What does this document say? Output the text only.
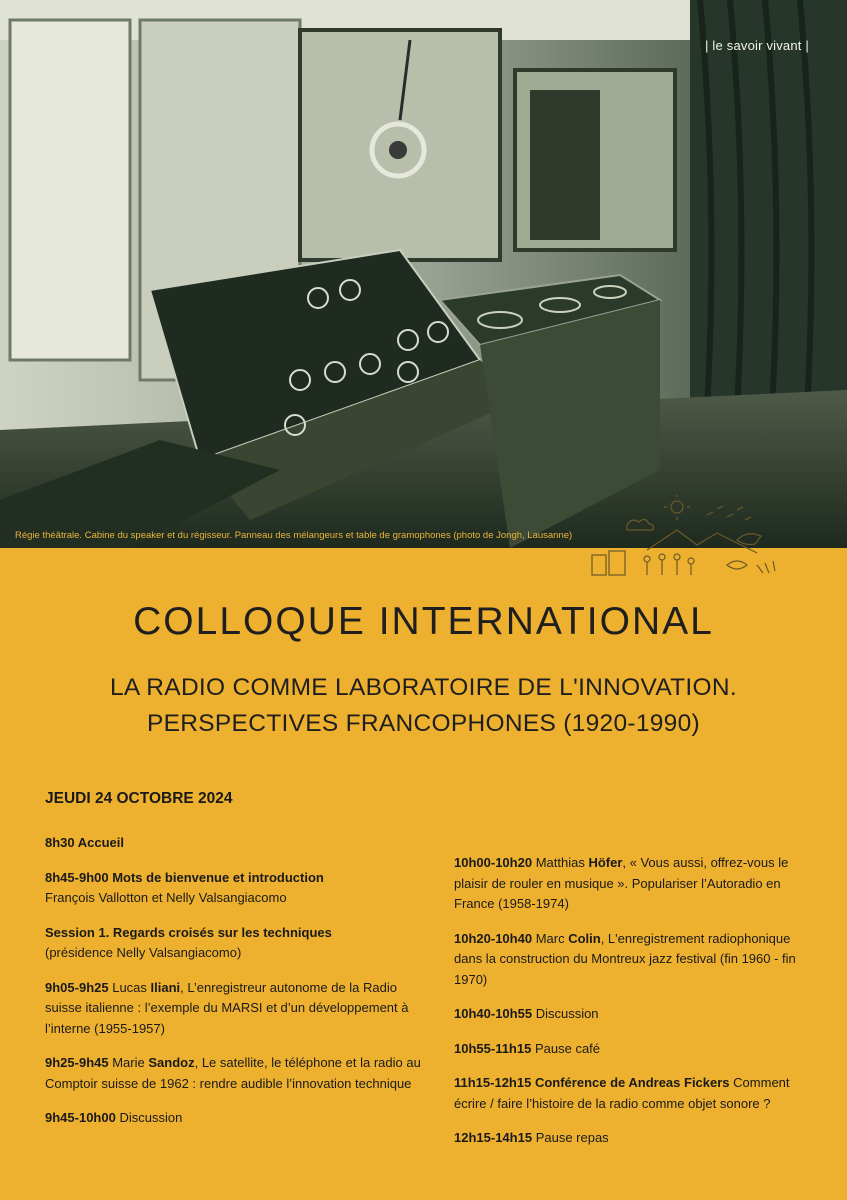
| le savoir vivant |
Régie théâtrale. Cabine du speaker et du régisseur. Panneau des mélangeurs et table de gramophones (photo de Jongh, Lausanne)
COLLOQUE INTERNATIONAL
LA RADIO COMME LABORATOIRE DE L'INNOVATION.
PERSPECTIVES FRANCOPHONES (1920-1990)
JEUDI 24 OCTOBRE 2024
8h30 Accueil
8h45-9h00 Mots de bienvenue et introduction
François Vallotton et Nelly Valsangiacomo
Session 1. Regards croisés sur les techniques
(présidence Nelly Valsangiacomo)
9h05-9h25 Lucas Iliani, L’enregistreur autonome de la Radio suisse italienne : l’exemple du MARSI et d’un développement à l’interne (1955-1957)
9h25-9h45 Marie Sandoz, Le satellite, le téléphone et la radio au Comptoir suisse de 1962 : rendre audible l’innovation technique
9h45-10h00 Discussion
10h00-10h20 Matthias Höfer, « Vous aussi, offrez-vous le plaisir de rouler en musique ». Populariser l’Autoradio en France (1958-1974)
10h20-10h40 Marc Colin, L'enregistrement radiophonique dans la construction du Montreux jazz festival (fin 1960 - fin 1970)
10h40-10h55 Discussion
10h55-11h15 Pause café
11h15-12h15 Conférence de Andreas Fickers Comment écrire / faire l’histoire de la radio comme objet sonore ?
12h15-14h15 Pause repas
